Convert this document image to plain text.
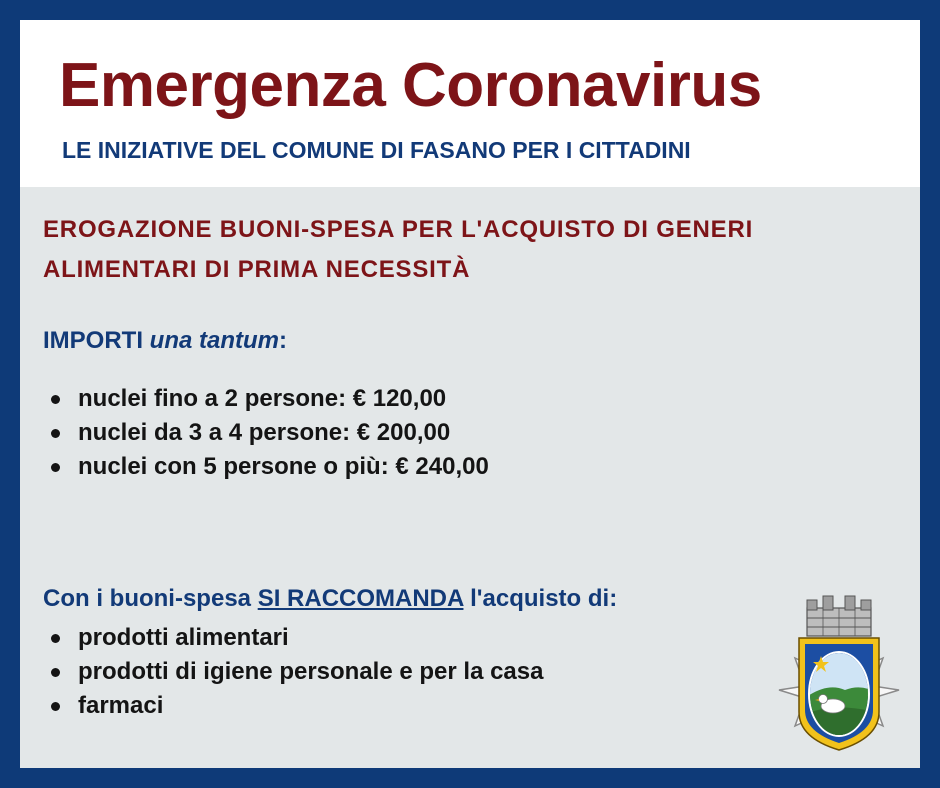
Emergenza Coronavirus
LE INIZIATIVE DEL COMUNE DI FASANO PER I CITTADINI
EROGAZIONE BUONI-SPESA PER L'ACQUISTO DI GENERI
ALIMENTARI DI PRIMA NECESSITÀ
IMPORTI una tantum:
nuclei fino a 2 persone: € 120,00
nuclei da 3 a 4 persone: € 200,00
nuclei con 5 persone o più: € 240,00
Con i buoni-spesa SI RACCOMANDA l'acquisto di:
prodotti alimentari
prodotti di igiene personale e per la casa
farmaci
